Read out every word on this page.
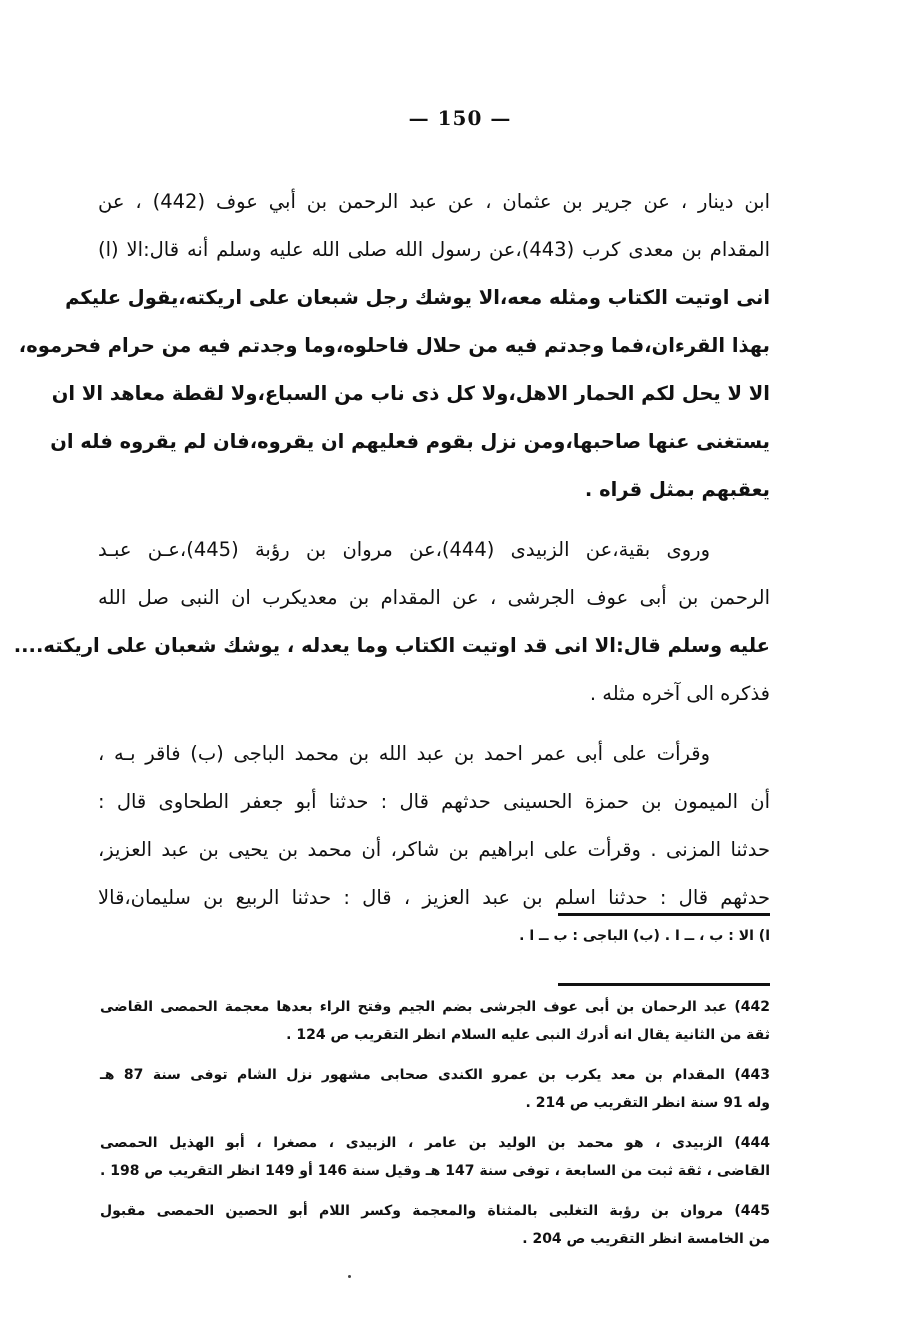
— 150 —
ابن دينار ، عن جرير بن عثمان ، عن عبد الرحمن بن أبي عوف (442) ، عن
المقدام بن معدى كرب (443)،عن رسول الله صلى الله عليه وسلم أنه قال:الا (ا)
انى اوتيت الكتاب ومثله معه،الا يوشك رجل شبعان على اريكته،يقول عليكم
بهذا القرءان،فما وجدتم فيه من حلال فاحلوه،وما وجدتم فيه من حرام فحرموه،
الا لا يحل لكم الحمار الاهل،ولا كل ذى ناب من السباع،ولا لقطة معاهد الا ان
يستغنى عنها صاحبها،ومن نزل بقوم فعليهم ان يقروه،فان لم يقروه فله ان
يعقبهم بمثل قراه .
وروى بقية،عن الزبيدى (444)،عن مروان بن رؤبة (445)،عـن عبـد
الرحمن بن أبى عوف الجرشى ، عن المقدام بن معديكرب ان النبى صل الله
عليه وسلم قال:الا انى قد اوتيت الكتاب وما يعدله ، يوشك شعبان على اريكته....
فذكره الى آخره مثله .
وقرأت على أبى عمر احمد بن عبد الله بن محمد الباجى (ب) فاقر بـه ،
أن الميمون بن حمزة الحسينى حدثهم قال : حدثنا أبو جعفر الطحاوى قال :
حدثنا المزنى . وقرأت على ابراهيم بن شاكر، أن محمد بن يحيى بن عبد العزيز،
حدثهم قال : حدثنا اسلم بن عبد العزيز ، قال : حدثنا الربيع بن سليمان،قالا
ا) الا : ب ، ــ ا . (ب) الباجى : ب ــ ا .
442) عبد الرحمان بن أبى عوف الجرشى بضم الجيم وفتح الراء بعدها معجمة الحمصى القاضى
ثقة من الثانية يقال انه أدرك النبى عليه السلام انظر التقريب ص 124 .
443) المقدام بن معد يكرب بن عمرو الكندى صحابى مشهور نزل الشام توفى سنة 87 هـ
وله 91 سنة انظر التقريب ص 214 .
444) الزبيدى ، هو محمد بن الوليد بن عامر ، الزبيدى ، مصغرا ، أبو الهذيل الحمصى
القاضى ، ثقة ثبت من السابعة ، توفى سنة 147 هـ وقيل سنة 146 أو 149 انظر التقريب ص 198 .
445) مروان بن رؤبة التغلبى بالمثناة والمعجمة وكسر اللام أبو الحصين الحمصى مقبول
من الخامسة انظر التقريب ص 204 .
